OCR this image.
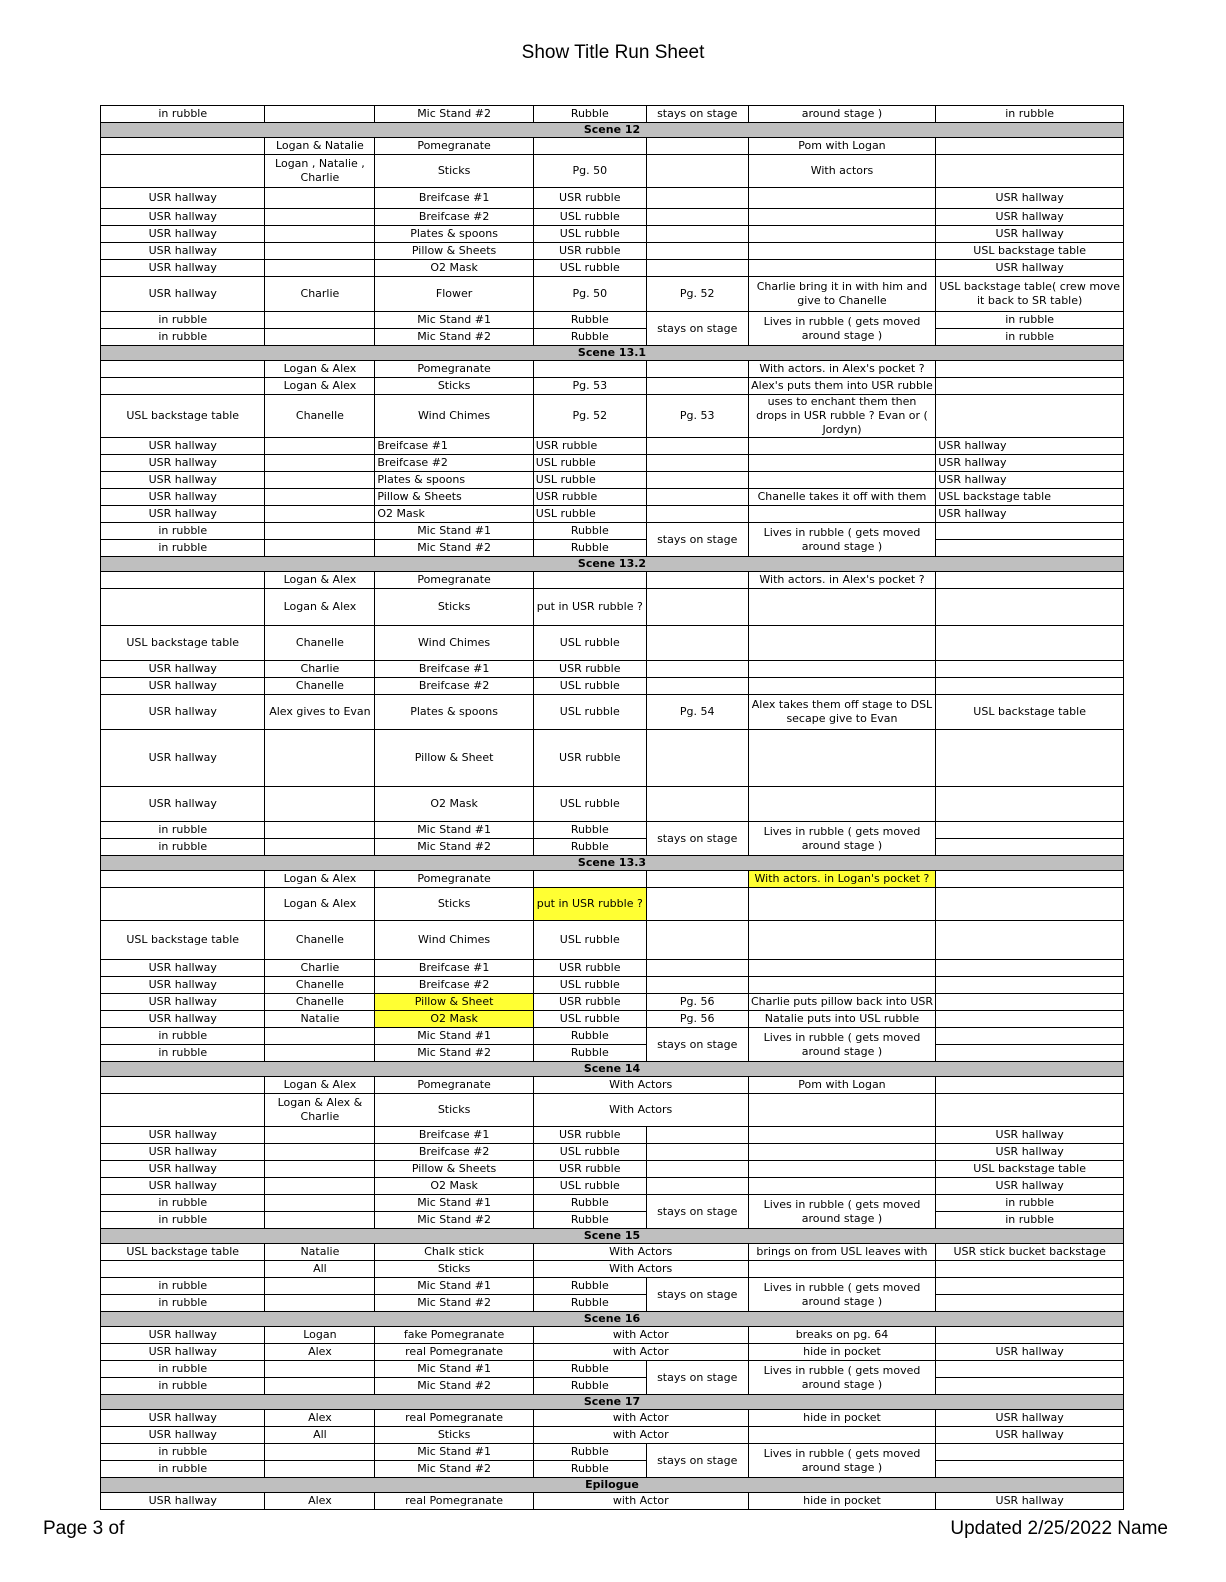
Show Title Run Sheet
in rubble		Mic Stand #2	Rubble	stays on stage	around stage )	in rubble
Scene 12						
	Logan & Natalie	Pomegranate			Pom with Logan	
	Logan , Natalie , Charlie	Sticks	Pg. 50		With actors	
USR hallway		Breifcase #1	USR rubble			USR hallway
USR hallway		Breifcase #2	USL rubble			USR hallway
USR hallway		Plates & spoons	USL rubble			USR hallway
USR hallway		Pillow & Sheets	USR rubble			USL backstage table
USR hallway		O2 Mask	USL rubble			USR hallway
USR hallway	Charlie	Flower	Pg. 50	Pg. 52	Charlie bring it in with him and give to Chanelle	USL backstage table( crew move it back to SR table)
in rubble		Mic Stand #1	Rubble	stays on stage	Lives in rubble ( gets moved around stage )	in rubble
in rubble		Mic Stand #2	Rubble			in rubble
Scene 13.1						
	Logan & Alex	Pomegranate			With actors. in Alex's pocket ?	
	Logan & Alex	Sticks	Pg. 53		Alex's puts them into USR rubble	
USL backstage table	Chanelle	Wind Chimes	Pg. 52	Pg. 53	uses to enchant them then drops in USR rubble ? Evan or ( Jordyn)	
USR hallway		Breifcase #1	USR rubble			USR hallway
USR hallway		Breifcase #2	USL rubble			USR hallway
USR hallway		Plates & spoons	USL rubble			USR hallway
USR hallway		Pillow & Sheets	USR rubble		Chanelle takes it off with them	USL backstage table
USR hallway		O2 Mask	USL rubble			USR hallway
in rubble		Mic Stand #1	Rubble	stays on stage	Lives in rubble ( gets moved around stage )	
in rubble		Mic Stand #2	Rubble			
Scene 13.2						
	Logan & Alex	Pomegranate			With actors. in Alex's pocket ?	
	Logan & Alex	Sticks	put in USR rubble ?			
USL backstage table	Chanelle	Wind Chimes	USL rubble			
USR hallway	Charlie	Breifcase #1	USR rubble			
USR hallway	Chanelle	Breifcase #2	USL rubble			
USR hallway	Alex gives to Evan	Plates & spoons	USL rubble	Pg. 54	Alex takes them off stage to DSL secape give to Evan	USL backstage table
USR hallway		Pillow & Sheet	USR rubble			
USR hallway		O2 Mask	USL rubble			
in rubble		Mic Stand #1	Rubble	stays on stage	Lives in rubble ( gets moved around stage )	
in rubble		Mic Stand #2	Rubble			
Scene 13.3						
	Logan & Alex	Pomegranate			With actors. in Logan's pocket ?	
	Logan & Alex	Sticks	put in USR rubble ?			
USL backstage table	Chanelle	Wind Chimes	USL rubble			
USR hallway	Charlie	Breifcase #1	USR rubble			
USR hallway	Chanelle	Breifcase #2	USL rubble			
USR hallway	Chanelle	Pillow & Sheet	USR rubble	Pg. 56	Charlie puts pillow back into USR	
USR hallway	Natalie	O2 Mask	USL rubble	Pg. 56	Natalie puts into USL rubble	
in rubble		Mic Stand #1	Rubble	stays on stage	Lives in rubble ( gets moved around stage )	
in rubble		Mic Stand #2	Rubble			
Scene 14						
	Logan & Alex	Pomegranate	With Actors		Pom with Logan	
	Logan & Alex & Charlie	Sticks	With Actors			
USR hallway		Breifcase #1	USR rubble			USR hallway
USR hallway		Breifcase #2	USL rubble			USR hallway
USR hallway		Pillow & Sheets	USR rubble			USL backstage table
USR hallway		O2 Mask	USL rubble			USR hallway
in rubble		Mic Stand #1	Rubble	stays on stage	Lives in rubble ( gets moved around stage )	in rubble
in rubble		Mic Stand #2	Rubble			in rubble
Scene 15						
USL backstage table	Natalie	Chalk stick	With Actors		brings on from USL leaves with	USR stick bucket backstage
	All	Sticks	With Actors			
in rubble		Mic Stand #1	Rubble	stays on stage	Lives in rubble ( gets moved around stage )	
in rubble		Mic Stand #2	Rubble			
Scene 16						
USR hallway	Logan	fake Pomegranate	with Actor		breaks on pg. 64	
USR hallway	Alex	real Pomegranate	with Actor		hide in pocket	USR hallway
in rubble		Mic Stand #1	Rubble	stays on stage	Lives in rubble ( gets moved around stage )	
in rubble		Mic Stand #2	Rubble			
Scene 17						
USR hallway	Alex	real Pomegranate	with Actor		hide in pocket	USR hallway
USR hallway	All	Sticks	with Actor			USR hallway
in rubble		Mic Stand #1	Rubble	stays on stage	Lives in rubble ( gets moved around stage )	
in rubble		Mic Stand #2	Rubble			
Epilogue						
USR hallway	Alex	real Pomegranate	with Actor		hide in pocket	USR hallway
Page 3 of	Updated 2/25/2022 Name
